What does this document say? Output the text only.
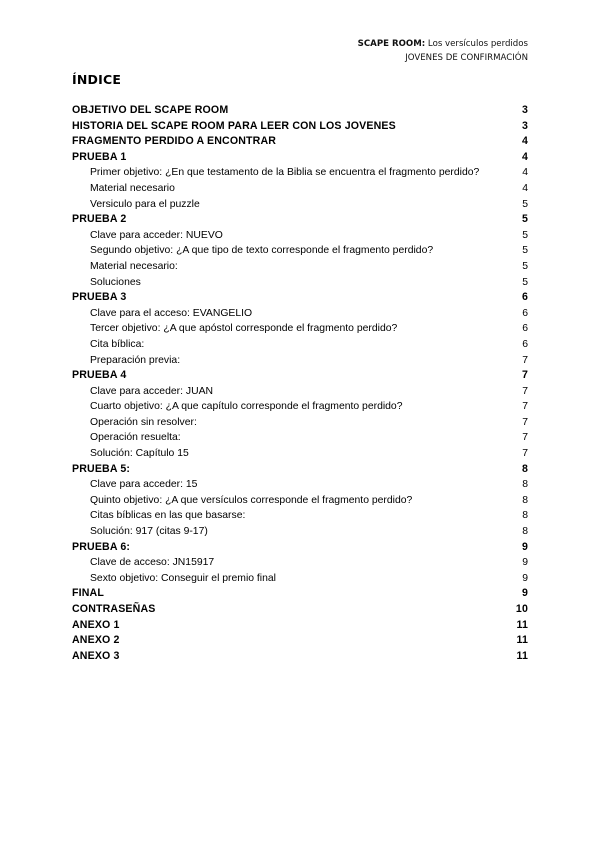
SCAPE ROOM: Los versículos perdidos
JOVENES DE CONFIRMACIÓN
ÍNDICE
OBJETIVO DEL SCAPE ROOM	3
HISTORIA DEL SCAPE ROOM PARA LEER CON LOS JOVENES	3
FRAGMENTO PERDIDO A ENCONTRAR	4
PRUEBA 1	4
Primer objetivo: ¿En que testamento de la Biblia se encuentra el fragmento perdido?	4
Material necesario	4
Versiculo para el puzzle	5
PRUEBA 2	5
Clave para acceder: NUEVO	5
Segundo objetivo: ¿A que tipo de texto corresponde el fragmento perdido?	5
Material necesario:	5
Soluciones	5
PRUEBA 3	6
Clave para el acceso: EVANGELIO	6
Tercer objetivo: ¿A que apóstol corresponde el fragmento perdido?	6
Cita bíblica:	6
Preparación previa:	7
PRUEBA 4	7
Clave para acceder: JUAN	7
Cuarto objetivo: ¿A que capítulo corresponde el fragmento perdido?	7
Operación sin resolver:	7
Operación resuelta:	7
Solución: Capítulo 15	7
PRUEBA 5:	8
Clave para acceder: 15	8
Quinto objetivo: ¿A que versículos corresponde el fragmento perdido?	8
Citas bíblicas en las que basarse:	8
Solución: 917 (citas 9-17)	8
PRUEBA 6:	9
Clave de acceso: JN15917	9
Sexto objetivo: Conseguir el premio final	9
FINAL	9
CONTRASEÑAS	10
ANEXO 1	11
ANEXO 2	11
ANEXO 3	11
